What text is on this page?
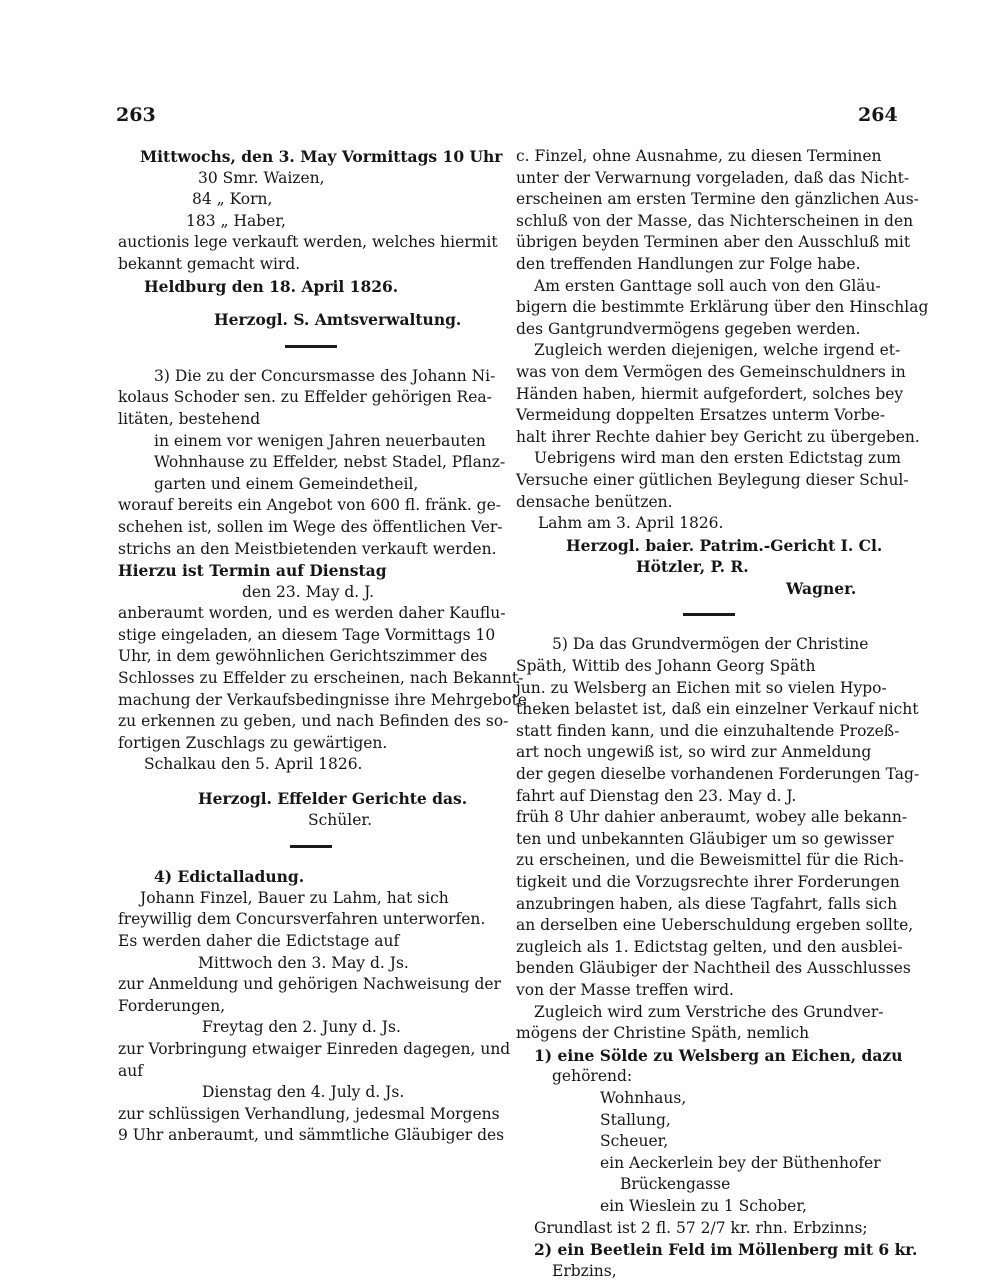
263	264
Mittwochs, den 3. May Vormittags 10 Uhr
30 Smr. Waizen,
84 „ Korn,
183 „ Haber,
auctionis lege verkauft werden, welches hiermit
bekannt gemacht wird.
Heldburg den 18. April 1826.
Herzogl. S. Amtsverwaltung.
3) Die zu der Concursmasse des Johann Ni-
kolaus Schoder sen. zu Effelder gehörigen Rea-
litäten, bestehend
in einem vor wenigen Jahren neuerbauten
Wohnhause zu Effelder, nebst Stadel, Pflanz-
garten und einem Gemeindetheil,
worauf bereits ein Angebot von 600 fl. fränk. ge-
schehen ist, sollen im Wege des öffentlichen Ver-
strichs an den Meistbietenden verkauft werden.
Hierzu ist Termin auf Dienstag
den 23. May d. J.
anberaumt worden, und es werden daher Kauflu-
stige eingeladen, an diesem Tage Vormittags 10
Uhr, in dem gewöhnlichen Gerichtszimmer des
Schlosses zu Effelder zu erscheinen, nach Bekannt-
machung der Verkaufsbedingnisse ihre Mehrgebote
zu erkennen zu geben, und nach Befinden des so-
fortigen Zuschlags zu gewärtigen.
Schalkau den 5. April 1826.
Herzogl. Effelder Gerichte das.
Schüler.
4) Edictalladung.
Johann Finzel, Bauer zu Lahm, hat sich
freywillig dem Concursverfahren unterworfen.
Es werden daher die Edictstage auf
Mittwoch den 3. May d. Js.
zur Anmeldung und gehörigen Nachweisung der
Forderungen,
Freytag den 2. Juny d. Js.
zur Vorbringung etwaiger Einreden dagegen, und
auf
Dienstag den 4. July d. Js.
zur schlüssigen Verhandlung, jedesmal Morgens
9 Uhr anberaumt, und sämmtliche Gläubiger des
c. Finzel, ohne Ausnahme, zu diesen Terminen
unter der Verwarnung vorgeladen, daß das Nicht-
erscheinen am ersten Termine den gänzlichen Aus-
schluß von der Masse, das Nichterscheinen in den
übrigen beyden Terminen aber den Ausschluß mit
den treffenden Handlungen zur Folge habe.
Am ersten Ganttage soll auch von den Gläu-
bigern die bestimmte Erklärung über den Hinschlag
des Gantgrundvermögens gegeben werden.
Zugleich werden diejenigen, welche irgend et-
was von dem Vermögen des Gemeinschuldners in
Händen haben, hiermit aufgefordert, solches bey
Vermeidung doppelten Ersatzes unterm Vorbe-
halt ihrer Rechte dahier bey Gericht zu übergeben.
Uebrigens wird man den ersten Edictstag zum
Versuche einer gütlichen Beylegung dieser Schul-
densache benützen.
Lahm am 3. April 1826.
Herzogl. baier. Patrim.-Gericht I. Cl.
Hötzler, P. R.
Wagner.
5) Da das Grundvermögen der Christine
Späth, Wittib des Johann Georg Späth
jun. zu Welsberg an Eichen mit so vielen Hypo-
theken belastet ist, daß ein einzelner Verkauf nicht
statt finden kann, und die einzuhaltende Prozeß-
art noch ungewiß ist, so wird zur Anmeldung
der gegen dieselbe vorhandenen Forderungen Tag-
fahrt auf Dienstag den 23. May d. J.
früh 8 Uhr dahier anberaumt, wobey alle bekann-
ten und unbekannten Gläubiger um so gewisser
zu erscheinen, und die Beweismittel für die Rich-
tigkeit und die Vorzugsrechte ihrer Forderungen
anzubringen haben, als diese Tagfahrt, falls sich
an derselben eine Ueberschuldung ergeben sollte,
zugleich als 1. Edictstag gelten, und den ausblei-
benden Gläubiger der Nachtheil des Ausschlusses
von der Masse treffen wird.
Zugleich wird zum Verstriche des Grundver-
mögens der Christine Späth, nemlich
1) eine Sölde zu Welsberg an Eichen, dazu
gehörend:
Wohnhaus,
Stallung,
Scheuer,
ein Aeckerlein bey der Büthenhofer
Brückengasse
ein Wieslein zu 1 Schober,
Grundlast ist 2 fl. 57 2/7 kr. rhn. Erbzinns;
2) ein Beetlein Feld im Möllenberg mit 6 kr.
Erbzins,
